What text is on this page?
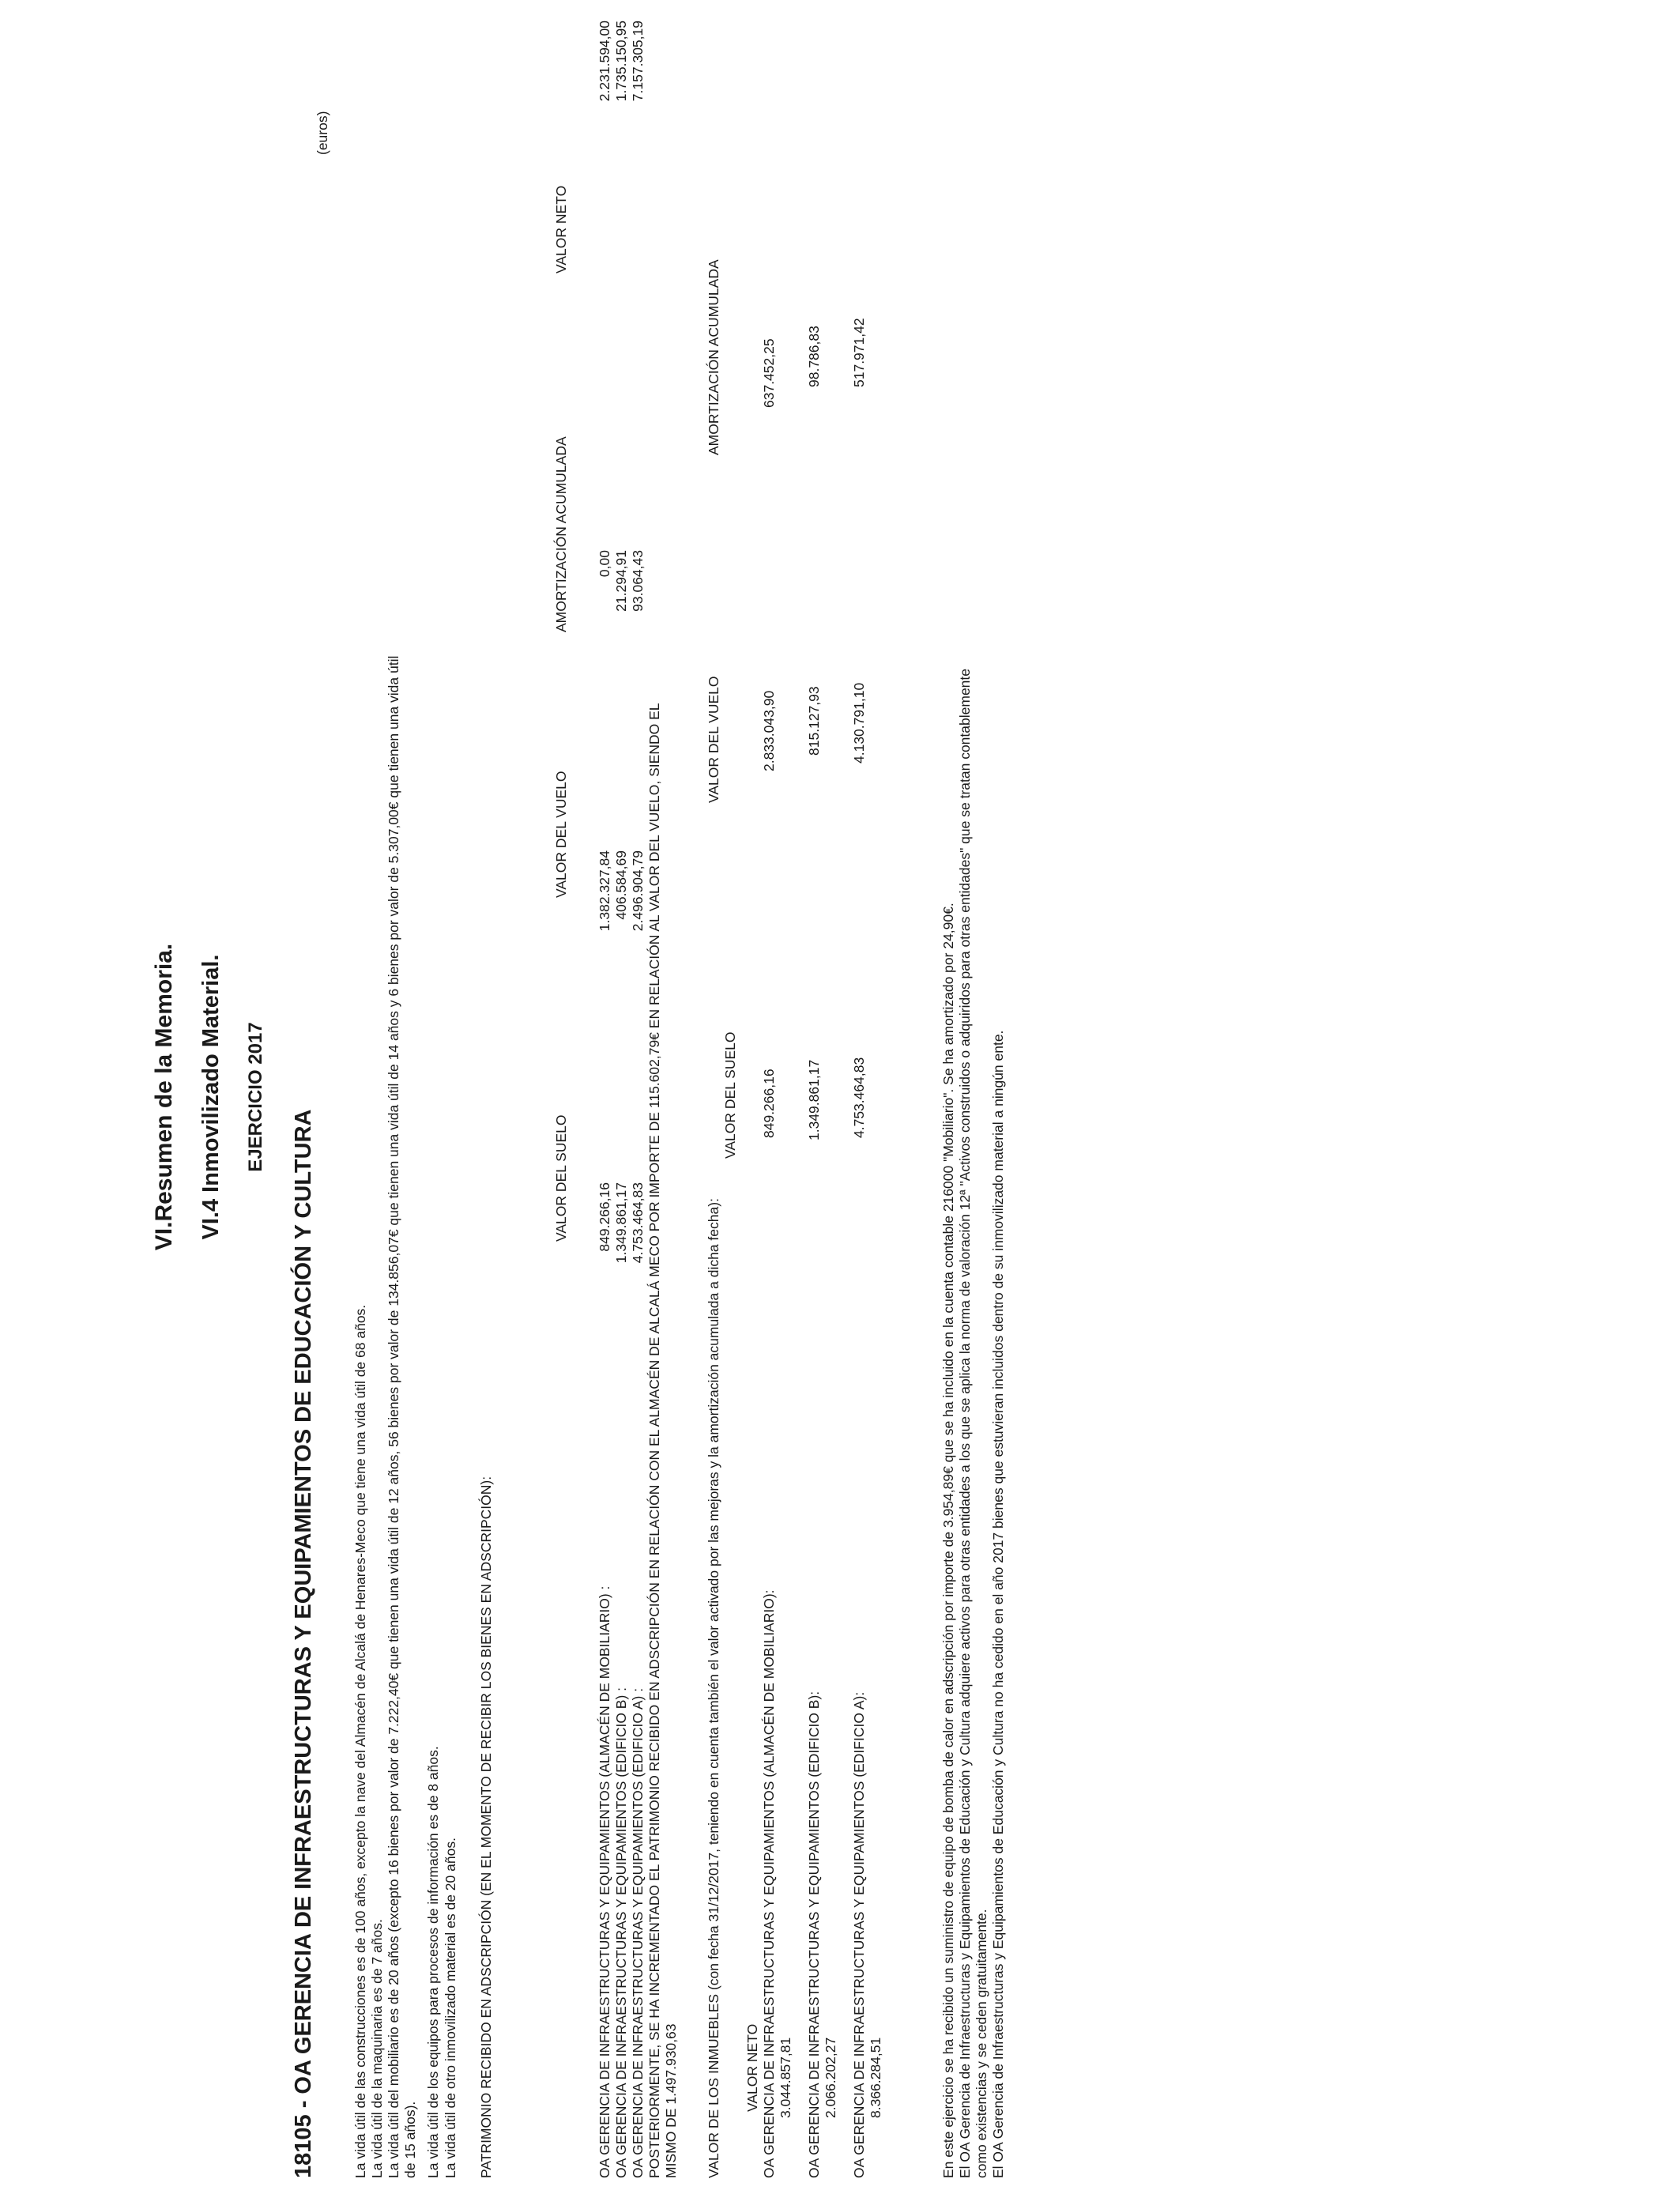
VI.Resumen de la Memoria. VI.4 Inmovilizado Material. EJERCICIO 2017
18105 - OA GERENCIA DE INFRAESTRUCTURAS Y EQUIPAMIENTOS DE EDUCACIÓN Y CULTURA
(euros)
La vida útil de las construcciones es de 100 años, excepto la nave del Almacén de Alcalá de Henares-Meco que tiene una vida útil de 68 años. La vida útil de la maquinaria es de 7 años. La vida útil del mobiliario es de 20 años (excepto 16 bienes por valor de 7.222,40€ que tienen una vida útil de 12 años, 56 bienes por valor de 134.856,07€ que tienen una vida útil de 14 años y 6 bienes por valor de 5.307,00€ que tienen una vida útil de 15 años). La vida útil de los equipos para procesos de información es de 8 años. La vida útil de otro inmovilizado material es de 20 años. PATRIMONIO RECIBIDO EN ADSCRIPCIÓN (EN EL MOMENTO DE RECIBIR LOS BIENES EN ADSCRIPCIÓN):
VALOR DEL SUELO
VALOR DEL VUELO
AMORTIZACIÓN ACUMULADA
VALOR NETO
OA GERENCIA DE INFRAESTRUCTURAS Y EQUIPAMIENTOS (ALMACÉN DE MOBILIARIO) :
849.266,16
1.382.327,84
0,00
2.231.594,00
OA GERENCIA DE INFRAESTRUCTURAS Y EQUIPAMIENTOS (EDIFICIO B) :
1.349.861,17
406.584,69
21.294,91
1.735.150,95
OA GERENCIA DE INFRAESTRUCTURAS Y EQUIPAMIENTOS (EDIFICIO A) :
4.753.464,83
2.496.904,79
93.064,43
7.157.305,19
POSTERIORMENTE, SE HA INCREMENTADO EL PATRIMONIO RECIBIDO EN ADSCRIPCIÓN EN RELACIÓN CON EL ALMACÉN DE ALCALÁ MECO POR IMPORTE DE 115.602,79€ EN RELACIÓN AL VALOR DEL VUELO, SIENDO EL MISMO DE 1.497.930,63 VALOR DE LOS INMUEBLES (con fecha 31/12/2017, teniendo en cuenta también el valor activado por las mejoras y la amortización acumulada a dicha fecha):
VALOR DEL SUELO
VALOR DEL VUELO
AMORTIZACIÓN ACUMULADA
VALOR NETO OA GERENCIA DE INFRAESTRUCTURAS Y EQUIPAMIENTOS (ALMACÉN DE MOBILIARIO):
849.266,16
2.833.043,90
637.452,25
3.044.857,81 OA GERENCIA DE INFRAESTRUCTURAS Y EQUIPAMIENTOS (EDIFICIO B):
1.349.861,17
815.127,93
98.786,83
2.066.202,27 OA GERENCIA DE INFRAESTRUCTURAS Y EQUIPAMIENTOS (EDIFICIO A):
4.753.464,83
4.130.791,10
517.971,42
8.366.284,51	En este ejercicio se ha recibido un suministro de equipo de bomba de calor en adscripción por importe de 3.954,89€ que se ha incluido en la cuenta contable 216000 "Mobiliario". Se ha amortizado por 24,90€. El OA Gerencia de Infraestructuras y Equipamientos de Educación y Cultura adquiere activos para otras entidades a los que se aplica la norma de valoración 12ª "Activos construidos o adquiridos para otras entidades" que se tratan contablemente como existencias y se ceden gratuitamente. El OA Gerencia de Infraestructuras y Equipamientos de Educación y Cultura no ha cedido en el año 2017 bienes que estuvieran incluidos dentro de su inmovilizado material a ningún ente.
